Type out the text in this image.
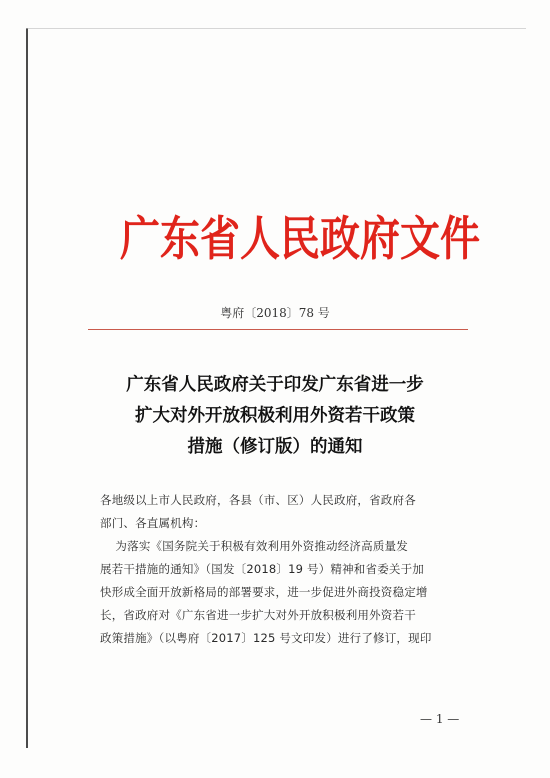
广东省人民政府文件
粤府〔2018〕78 号
广东省人民政府关于印发广东省进一步
扩大对外开放积极利用外资若干政策
措施（修订版）的通知
各地级以上市人民政府，各县（市、区）人民政府，省政府各
部门、各直属机构：
为落实《国务院关于积极有效利用外资推动经济高质量发
展若干措施的通知》（国发〔2018〕19 号）精神和省委关于加
快形成全面开放新格局的部署要求，进一步促进外商投资稳定增
长，省政府对《广东省进一步扩大对外开放积极利用外资若干
政策措施》（以粤府〔2017〕125 号文印发）进行了修订，现印
— 1 —
